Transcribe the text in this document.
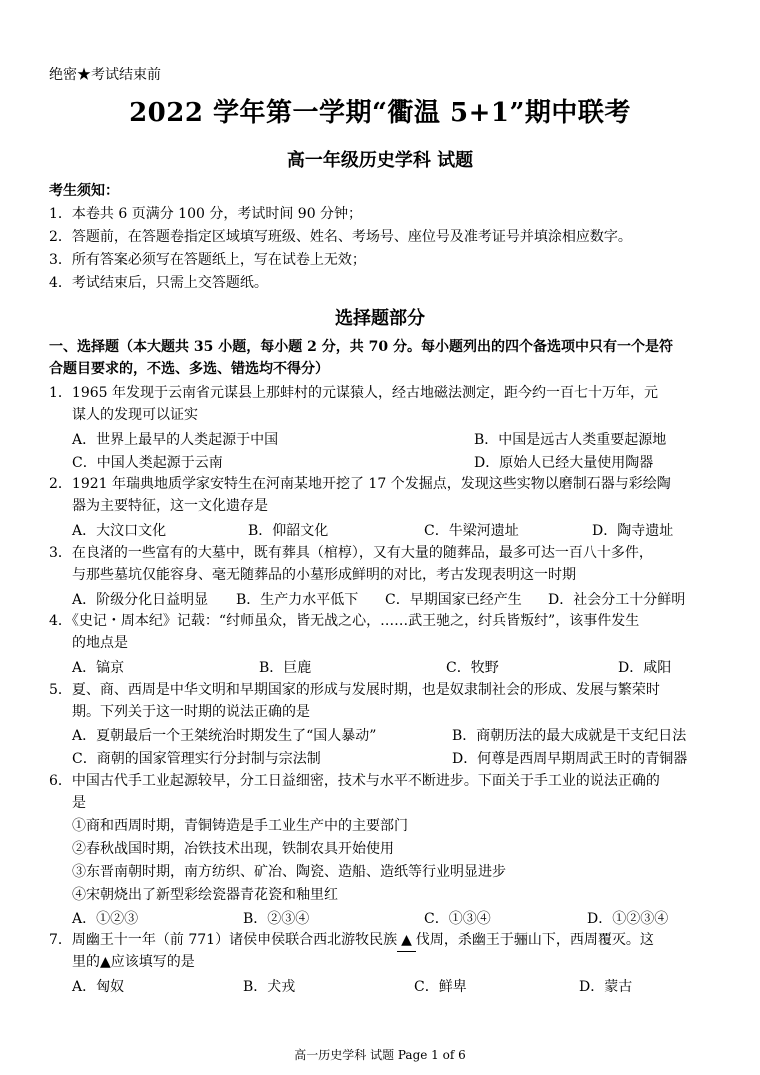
绝密★考试结束前
2022 学年第一学期“衢温 5+1”期中联考
高一年级历史学科 试题
考生须知：
1．本卷共 6 页满分 100 分，考试时间 90 分钟；
2．答题前，在答题卷指定区域填写班级、姓名、考场号、座位号及准考证号并填涂相应数字。
3．所有答案必须写在答题纸上，写在试卷上无效；
4．考试结束后，只需上交答题纸。
选择题部分
一、选择题（本大题共 35 小题，每小题 2 分，共 70 分。每小题列出的四个备选项中只有一个是符
合题目要求的，不选、多选、错选均不得分）
1．1965 年发现于云南省元谋县上那蚌村的元谋猿人，经古地磁法测定，距今约一百七十万年，元
谋人的发现可以证实
A．世界上最早的人类起源于中国	B．中国是远古人类重要起源地
C．中国人类起源于云南	D．原始人已经大量使用陶器
2．1921 年瑞典地质学家安特生在河南某地开挖了 17 个发掘点，发现这些实物以磨制石器与彩绘陶
器为主要特征，这一文化遗存是
A．大汶口文化	B．仰韶文化	C．牛梁河遗址	D．陶寺遗址
3．在良渚的一些富有的大墓中，既有葬具（棺椁），又有大量的随葬品，最多可达一百八十多件，
与那些墓坑仅能容身、毫无随葬品的小墓形成鲜明的对比，考古发现表明这一时期
A．阶级分化日益明显 B．生产力水平低下 C．早期国家已经产生 D．社会分工十分鲜明
4．《史记・周本纪》记载：“纣师虽众，皆无战之心，……武王驰之，纣兵皆叛纣”，该事件发生
的地点是
A．镐京	B．巨鹿	C．牧野	D．咸阳
5．夏、商、西周是中华文明和早期国家的形成与发展时期，也是奴隶制社会的形成、发展与繁荣时
期。下列关于这一时期的说法正确的是
A．夏朝最后一个王桀统治时期发生了“国人暴动”	B．商朝历法的最大成就是干支纪日法
C．商朝的国家管理实行分封制与宗法制	D．何尊是西周早期周武王时的青铜器
6．中国古代手工业起源较早，分工日益细密，技术与水平不断进步。下面关于手工业的说法正确的
是
①商和西周时期，青铜铸造是手工业生产中的主要部门
②春秋战国时期，冶铁技术出现，铁制农具开始使用
③东晋南朝时期，南方纺织、矿冶、陶瓷、造船、造纸等行业明显进步
④宋朝烧出了新型彩绘瓷器青花瓷和釉里红
A．①②③	B．②③④	C．①③④	D．①②③④
7．周幽王十一年（前 771）诸侯申侯联合西北游牧民族 ▲ 伐周，杀幽王于骊山下，西周覆灭。这
里的▲应该填写的是
A．匈奴	B．犬戎	C．鲜卑	D．蒙古
高一历史学科 试题 Page 1 of 6
